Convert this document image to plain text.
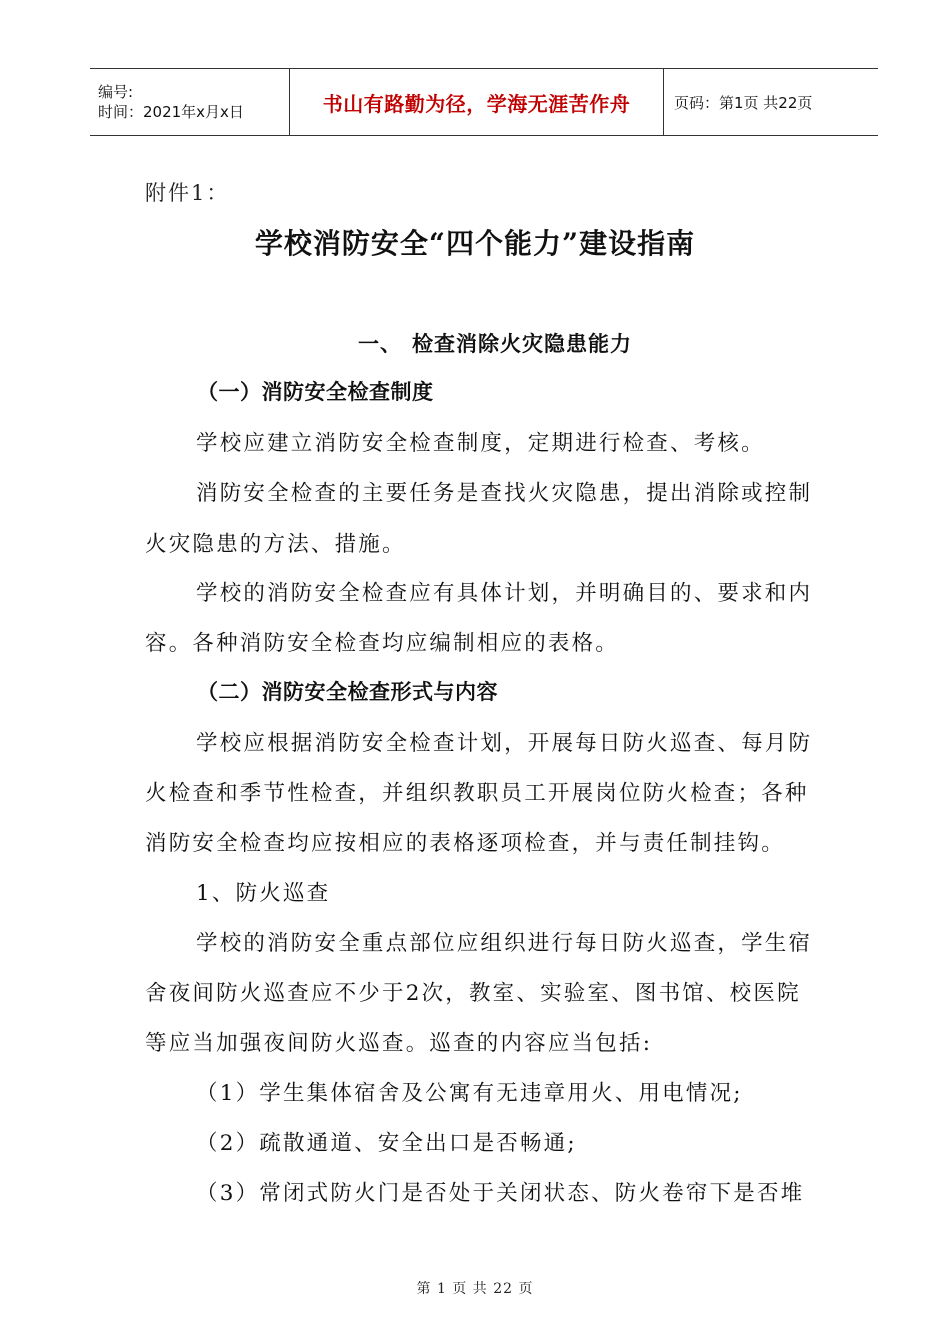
编号:
时间：2021年x月x日	书山有路勤为径，学海无涯苦作舟	页码：第1页 共22页
附件1：
学校消防安全“四个能力”建设指南
一、 检查消除火灾隐患能力
（一）消防安全检查制度
学校应建立消防安全检查制度，定期进行检查、考核。
消防安全检查的主要任务是查找火灾隐患，提出消除或控制
火灾隐患的方法、措施。
学校的消防安全检查应有具体计划，并明确目的、要求和内
容。各种消防安全检查均应编制相应的表格。
（二）消防安全检查形式与内容
学校应根据消防安全检查计划，开展每日防火巡查、每月防
火检查和季节性检查，并组织教职员工开展岗位防火检查；各种
消防安全检查均应按相应的表格逐项检查，并与责任制挂钩。
1、防火巡查
学校的消防安全重点部位应组织进行每日防火巡查，学生宿
舍夜间防火巡查应不少于2次，教室、实验室、图书馆、校医院
等应当加强夜间防火巡查。巡查的内容应当包括:
（1）学生集体宿舍及公寓有无违章用火、用电情况;
（2）疏散通道、安全出口是否畅通;
（3）常闭式防火门是否处于关闭状态、防火卷帘下是否堆
第 1 页 共 22 页
